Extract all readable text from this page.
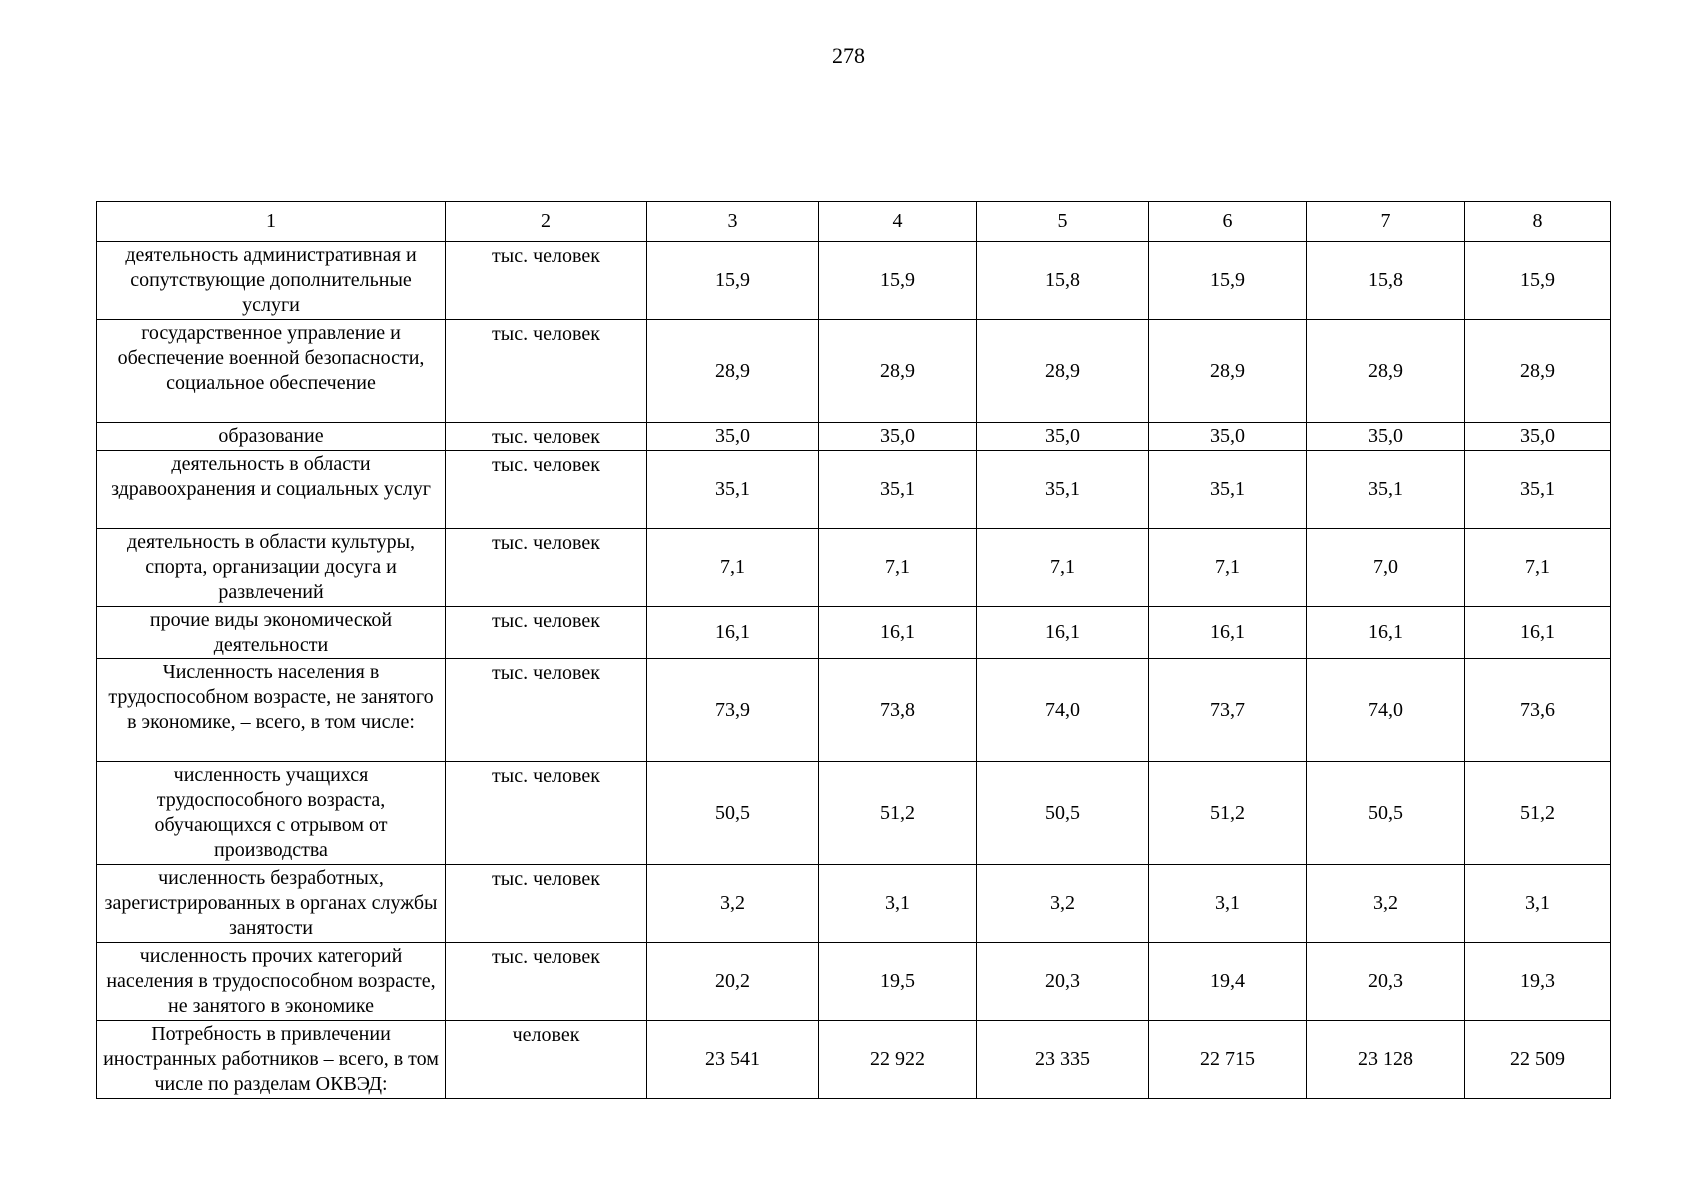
278
1	2	3	4	5	6	7	8
деятельность административная и сопутствующие дополнительные услуги	тыс. человек	15,9	15,9	15,8	15,9	15,8	15,9
государственное управление и обеспечение военной безопасности, социальное обеспечение	тыс. человек	28,9	28,9	28,9	28,9	28,9	28,9
образование	тыс. человек	35,0	35,0	35,0	35,0	35,0	35,0
деятельность в области здравоохранения и социальных услуг	тыс. человек	35,1	35,1	35,1	35,1	35,1	35,1
деятельность в области культуры, спорта, организации досуга и развлечений	тыс. человек	7,1	7,1	7,1	7,1	7,0	7,1
прочие виды экономической деятельности	тыс. человек	16,1	16,1	16,1	16,1	16,1	16,1
Численность населения в трудоспособном возрасте, не занятого в экономике, – всего, в том числе:	тыс. человек	73,9	73,8	74,0	73,7	74,0	73,6
численность учащихся трудоспособного возраста, обучающихся с отрывом от производства	тыс. человек	50,5	51,2	50,5	51,2	50,5	51,2
численность безработных, зарегистрированных в органах службы занятости	тыс. человек	3,2	3,1	3,2	3,1	3,2	3,1
численность прочих категорий населения в трудоспособном возрасте, не занятого в экономике	тыс. человек	20,2	19,5	20,3	19,4	20,3	19,3
Потребность в привлечении иностранных работников – всего, в том числе по разделам ОКВЭД:	человек	23 541	22 922	23 335	22 715	23 128	22 509
